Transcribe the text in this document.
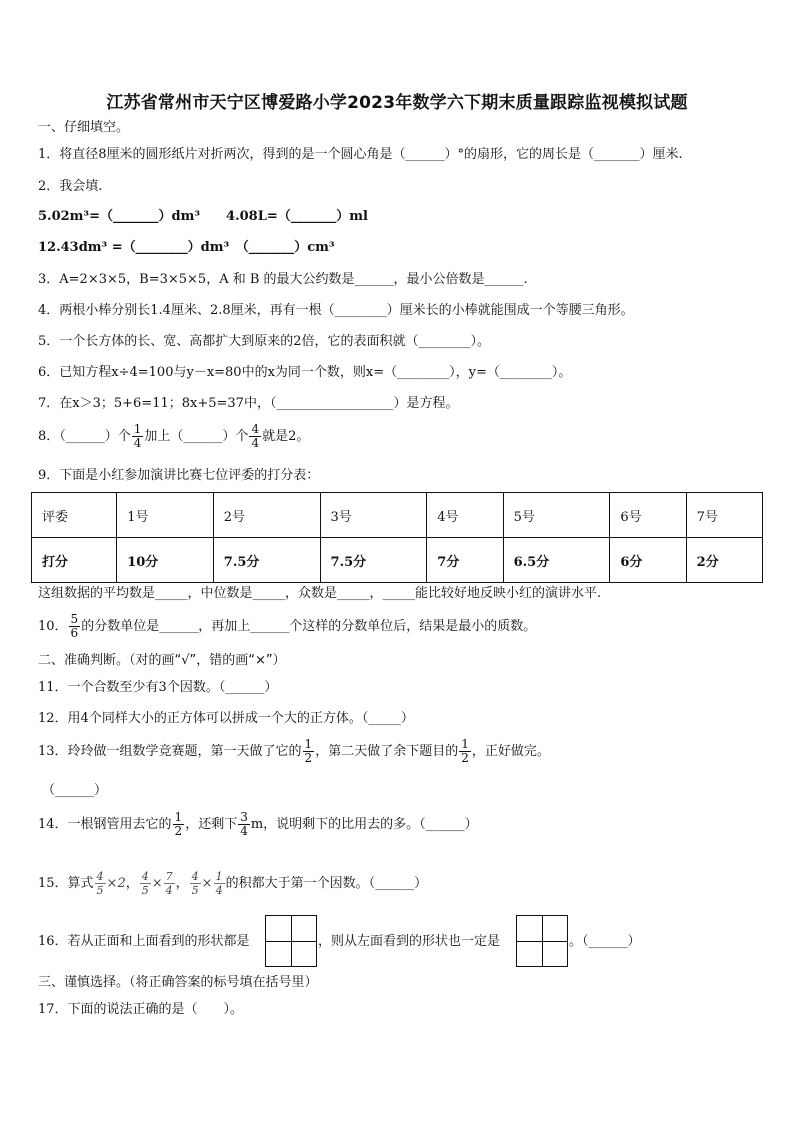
江苏省常州市天宁区博爱路小学2023年数学六下期末质量跟踪监视模拟试题
一、仔细填空。
1．将直径8厘米的圆形纸片对折两次，得到的是一个圆心角是（______）°的扇形，它的周长是（_______）厘米.
2．我会填.
5.02m³=（_______）dm³　　4.08L=（_______）ml
12.43dm³ =（________）dm³　（_______）cm³
3．A=2×3×5，B=3×5×5，A 和 B 的最大公约数是______，最小公倍数是______.
4．两根小棒分别长1.4厘米、2.8厘米，再有一根（________）厘米长的小棒就能围成一个等腰三角形。
5．一个长方体的长、宽、高都扩大到原来的2倍，它的表面积就（________）。
6．已知方程x÷4=100与y－x=80中的x为同一个数，则x=（________），y=（________）。
7．在x＞3；5+6=11；8x+5=37中，（__________________）是方程。
8．（______）个 $\frac{1}{4}$ 加上（______）个 $\frac{4}{4}$ 就是2。
9．下面是小红参加演讲比赛七位评委的打分表：
评委	1号	2号	3号	4号	5号	6号	7号
打分	10分	7.5分	7.5分	7分	6.5分	6分	2分
这组数据的平均数是_____，中位数是_____，众数是_____，_____能比较好地反映小红的演讲水平.
10． $\frac{5}{6}$ 的分数单位是______，再加上______个这样的分数单位后，结果是最小的质数。
二、准确判断。（对的画“√”，错的画“×”）
11．一个合数至少有3个因数。（______）
12．用4个同样大小的正方体可以拼成一个大的正方体。（_____）
13．玲玲做一组数学竞赛题，第一天做了它的 $\frac{1}{2}$ ，第二天做了余下题目的 $\frac{1}{2}$ ，正好做完。
（______）
14．一根钢管用去它的 $\frac{1}{2}$ ，还剩下 $\frac{3}{4}$ m，说明剩下的比用去的多。（______）
15．算式 $\frac{4}{5} \times 2$， $\frac{4}{5} \times \frac{7}{4}$ ， $\frac{4}{5} \times \frac{1}{4}$ 的积都大于第一个因数。（______）
16．若从正面和上面看到的形状都是	，则从左面看到的形状也一定是	。（______）
三、谨慎选择。（将正确答案的标号填在括号里）
17．下面的说法正确的是（　　）。
